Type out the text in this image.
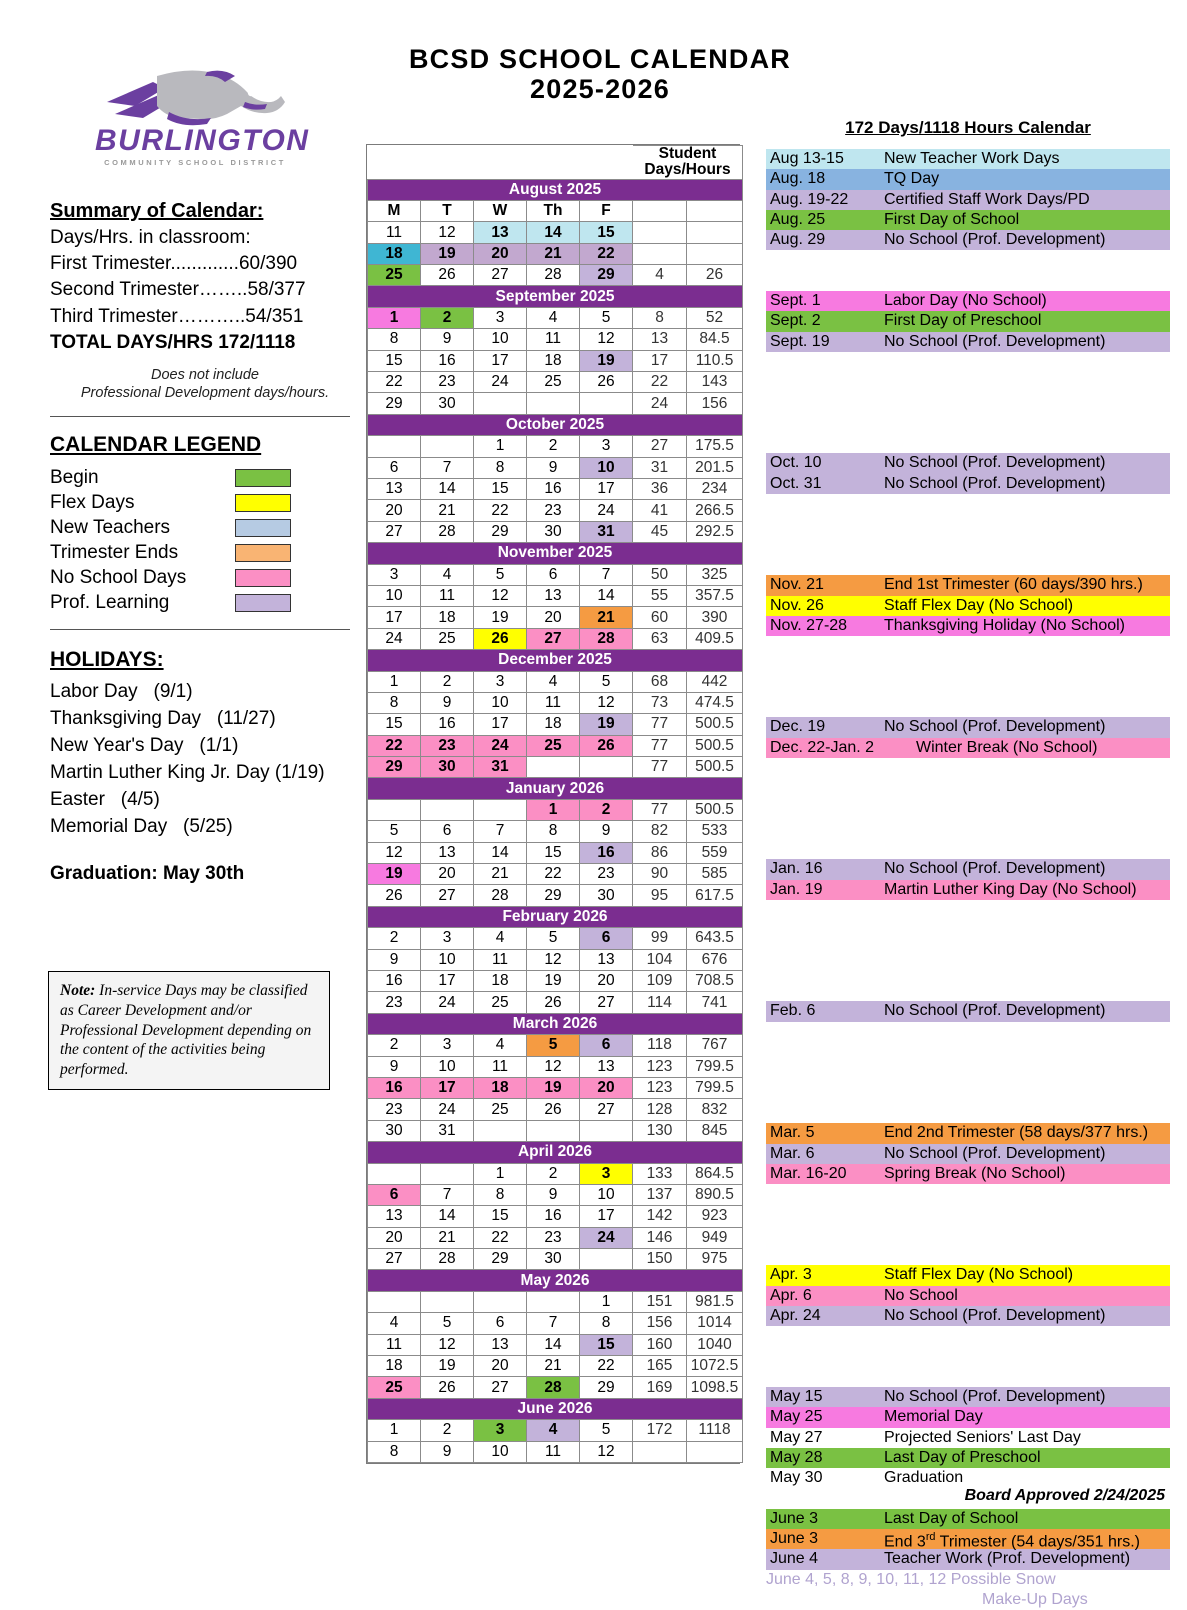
BCSD SCHOOL CALENDAR
2025-2026
BURLINGTON
COMMUNITY SCHOOL DISTRICT
Summary of Calendar:
Days/Hrs. in classroom:
First Trimester.............60/390
Second Trimester……..58/377
Third Trimester………..54/351
TOTAL DAYS/HRS 172/1118
Does not include
Professional Development days/hours.
CALENDAR LEGEND
Begin
Flex Days
New Teachers
Trimester Ends
No School Days
Prof. Learning
HOLIDAYS:
Labor Day   (9/1)
Thanksgiving Day   (11/27)
New Year's Day   (1/1)
Martin Luther King Jr. Day (1/19)
Easter   (4/5)
Memorial Day   (5/25)
Graduation: May 30th
Note: In-service Days may be classified as Career Development and/or Professional Development depending on the content of the activities being performed.
					Student Days/Hours	
August 2025						
M	T	W	Th	F		
11	12	13	14	15		
18	19	20	21	22		
25	26	27	28	29	4	26
September 2025						
1	2	3	4	5	8	52
8	9	10	11	12	13	84.5
15	16	17	18	19	17	110.5
22	23	24	25	26	22	143
29	30				24	156
October 2025						
		1	2	3	27	175.5
6	7	8	9	10	31	201.5
13	14	15	16	17	36	234
20	21	22	23	24	41	266.5
27	28	29	30	31	45	292.5
November 2025						
3	4	5	6	7	50	325
10	11	12	13	14	55	357.5
17	18	19	20	21	60	390
24	25	26	27	28	63	409.5
December 2025						
1	2	3	4	5	68	442
8	9	10	11	12	73	474.5
15	16	17	18	19	77	500.5
22	23	24	25	26	77	500.5
29	30	31			77	500.5
January 2026						
			1	2	77	500.5
5	6	7	8	9	82	533
12	13	14	15	16	86	559
19	20	21	22	23	90	585
26	27	28	29	30	95	617.5
February 2026						
2	3	4	5	6	99	643.5
9	10	11	12	13	104	676
16	17	18	19	20	109	708.5
23	24	25	26	27	114	741
March 2026						
2	3	4	5	6	118	767
9	10	11	12	13	123	799.5
16	17	18	19	20	123	799.5
23	24	25	26	27	128	832
30	31				130	845
April 2026						
		1	2	3	133	864.5
6	7	8	9	10	137	890.5
13	14	15	16	17	142	923
20	21	22	23	24	146	949
27	28	29	30		150	975
May 2026						
				1	151	981.5
4	5	6	7	8	156	1014
11	12	13	14	15	160	1040
18	19	20	21	22	165	1072.5
25	26	27	28	29	169	1098.5
June 2026						
1	2	3	4	5	172	1118
8	9	10	11	12		
172 Days/1118 Hours Calendar
Aug 13-15	New Teacher Work Days
Aug. 18	TQ Day
Aug. 19-22	Certified Staff Work Days/PD
Aug. 25	First Day of School
Aug. 29	No School (Prof. Development)
Sept. 1	Labor Day (No School)
Sept. 2	First Day of Preschool
Sept. 19	No School (Prof. Development)
Oct. 10	No School (Prof. Development)
Oct. 31	No School (Prof. Development)
Nov. 21	End 1st Trimester (60 days/390 hrs.)
Nov. 26	Staff Flex Day (No School)
Nov. 27-28	Thanksgiving Holiday (No School)
Dec. 19	No School (Prof. Development)
Dec. 22-Jan. 2	Winter Break (No School)
Jan. 16	No School (Prof. Development)
Jan. 19	Martin Luther King Day (No School)
Feb. 6	No School (Prof. Development)
Mar. 5	End 2nd Trimester (58 days/377 hrs.)
Mar. 6	No School (Prof. Development)
Mar. 16-20	Spring Break (No School)
Apr. 3	Staff Flex Day (No School)
Apr. 6	No School
Apr. 24	No School (Prof. Development)
May 15	No School (Prof. Development)
May 25	Memorial Day
May 27	Projected Seniors' Last Day
May 28	Last Day of Preschool
May 30	Graduation
June 3	Last Day of School
June 3	End 3rd Trimester (54 days/351 hrs.)
June 4	Teacher Work (Prof. Development)
June 4, 5, 8, 9, 10, 11, 12 Possible Snow
Make-Up Days
Board Approved 2/24/2025
